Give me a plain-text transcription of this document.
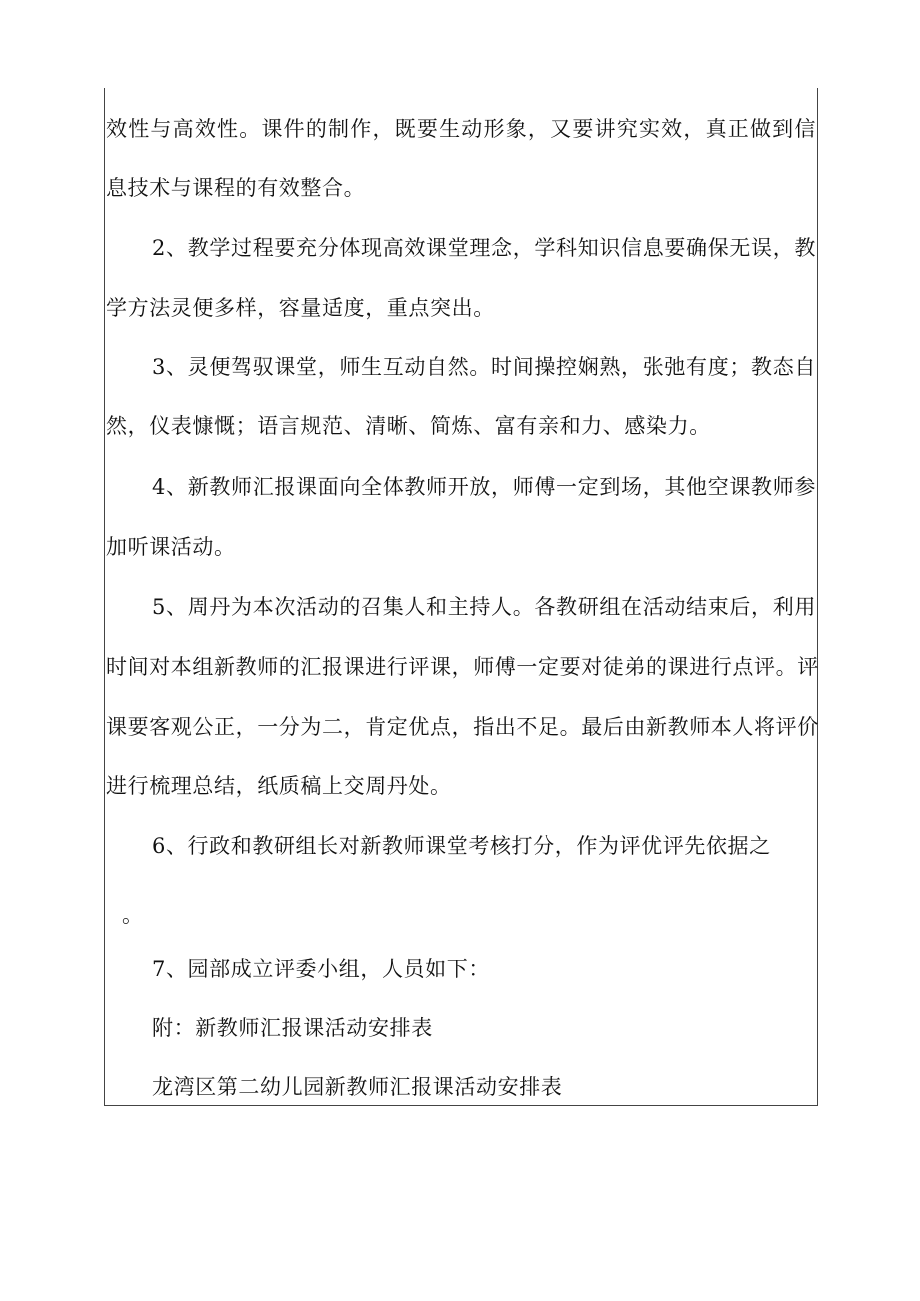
效性与高效性。课件的制作，既要生动形象，又要讲究实效，真正做到信
息技术与课程的有效整合。
2、教学过程要充分体现高效课堂理念，学科知识信息要确保无误，教
学方法灵便多样，容量适度，重点突出。
3、灵便驾驭课堂，师生互动自然。时间操控娴熟，张弛有度；教态自
然，仪表慷慨；语言规范、清晰、简炼、富有亲和力、感染力。
4、新教师汇报课面向全体教师开放，师傅一定到场，其他空课教师参
加听课活动。
5、周丹为本次活动的召集人和主持人。各教研组在活动结束后，利用
时间对本组新教师的汇报课进行评课，师傅一定要对徒弟的课进行点评。评
课要客观公正，一分为二，肯定优点，指出不足。最后由新教师本人将评价
进行梳理总结，纸质稿上交周丹处。
6、行政和教研组长对新教师课堂考核打分，作为评优评先依据之
。
7、园部成立评委小组，人员如下：
附：新教师汇报课活动安排表
龙湾区第二幼儿园新教师汇报课活动安排表
